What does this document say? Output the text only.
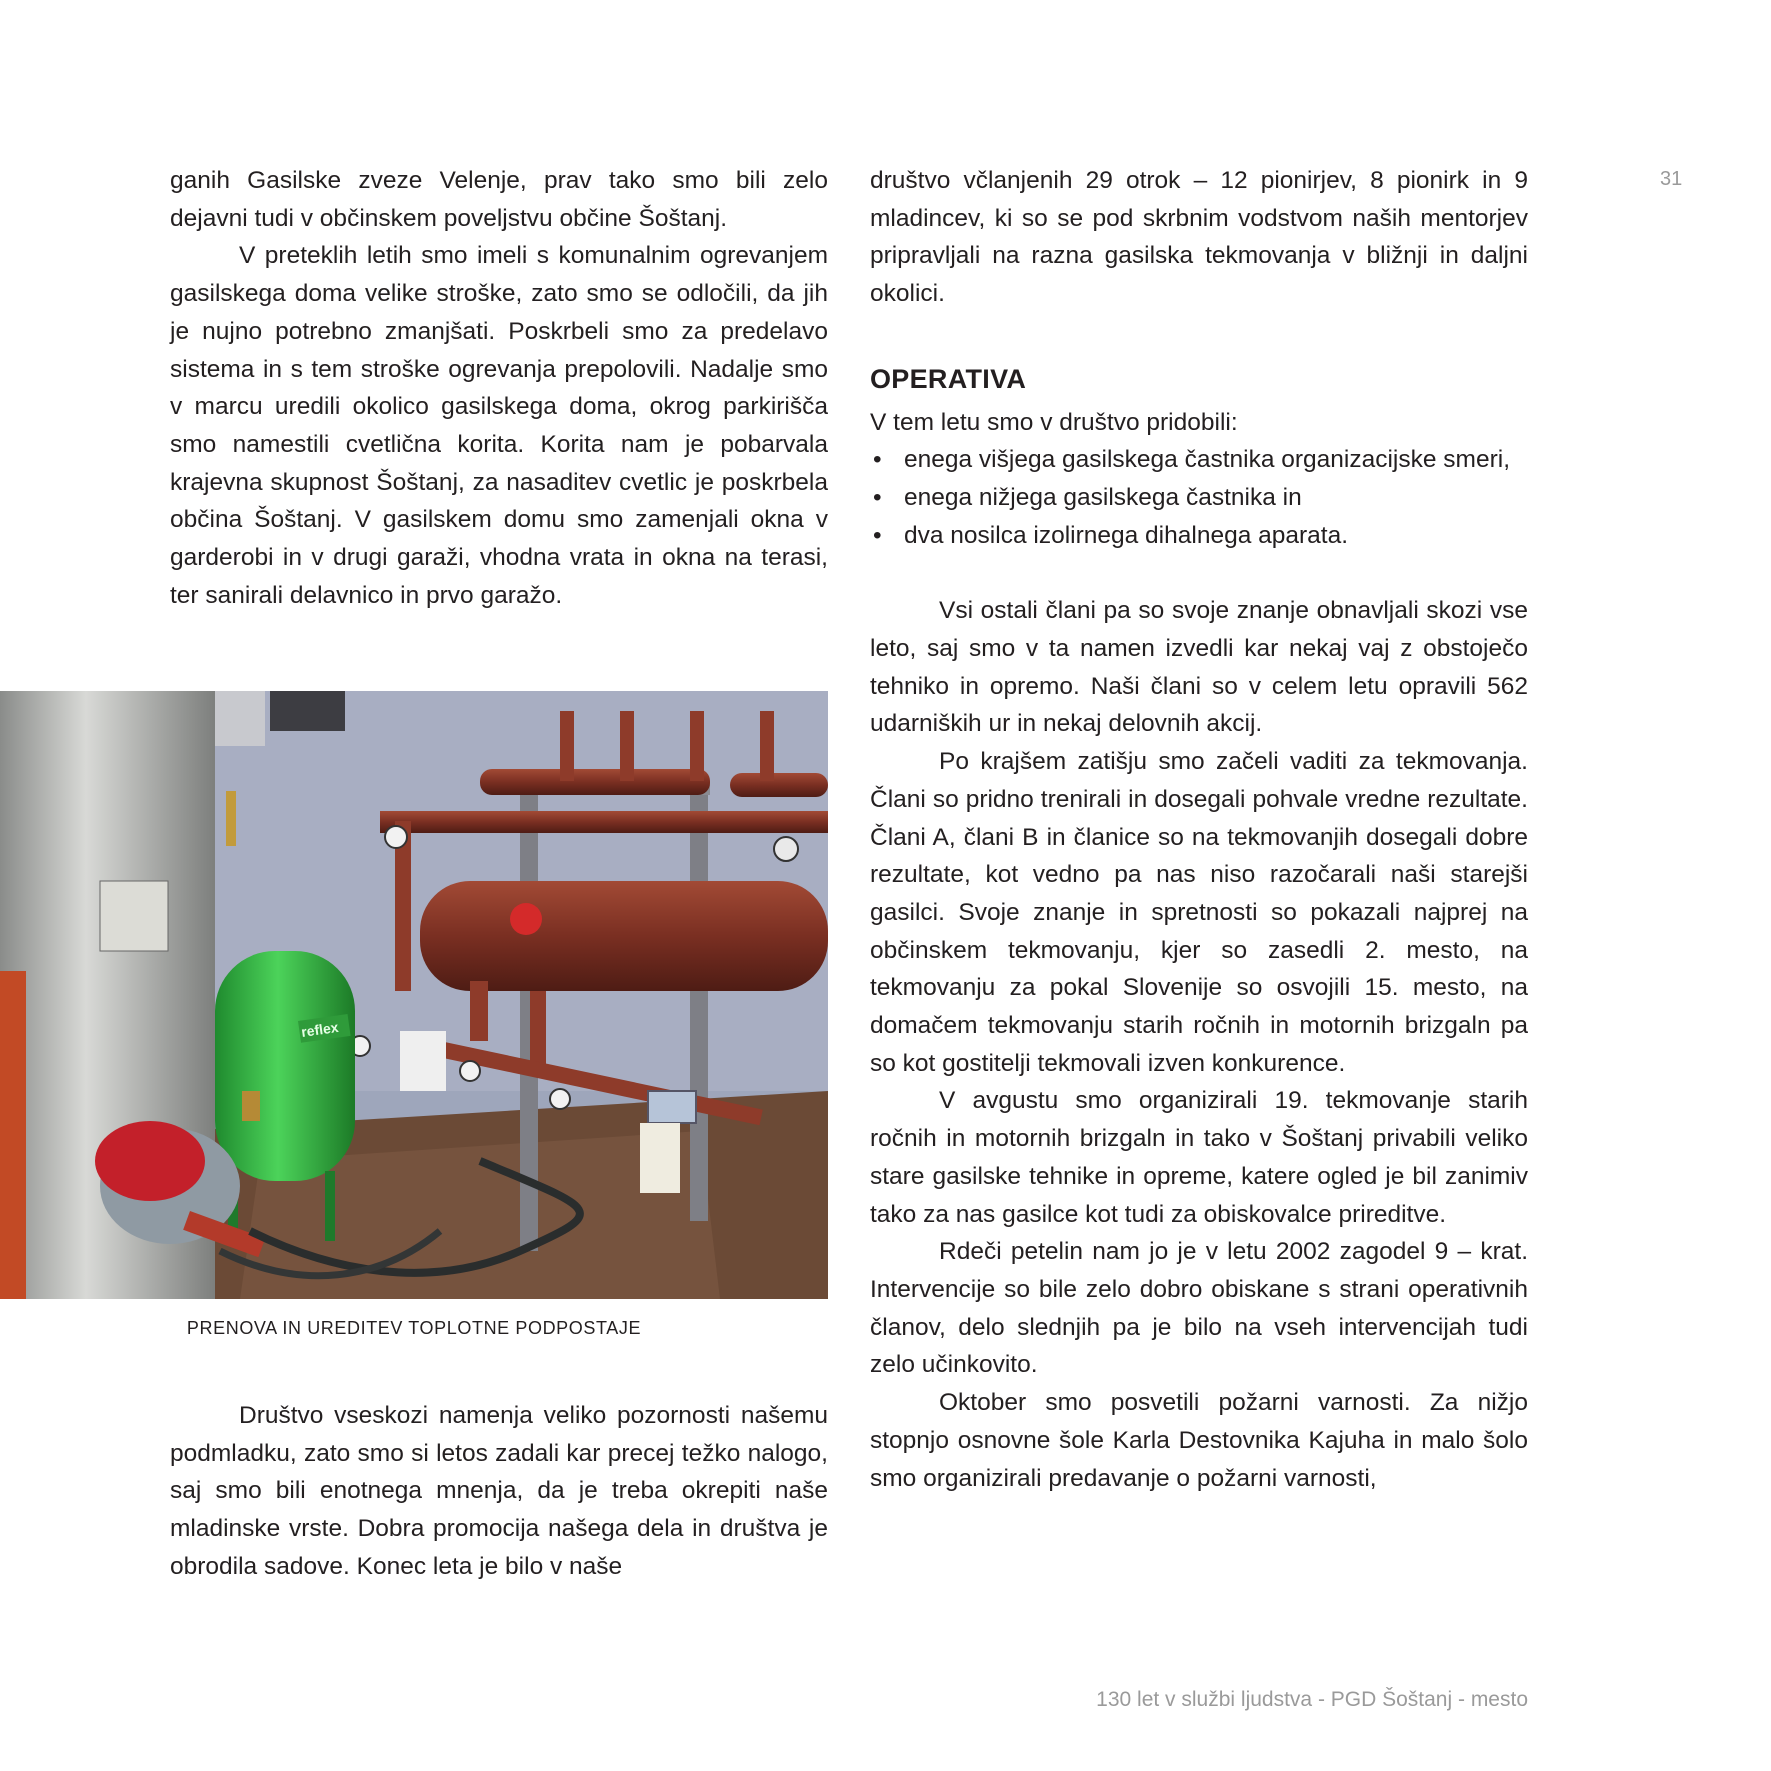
31

ganih Gasilske zveze Velenje, prav tako smo bili zelo dejavni tudi v občinskem poveljstvu občine Šoštanj.

V preteklih letih smo imeli s komunalnim ogrevanjem gasilskega doma velike stroške, zato smo se odločili, da jih je nujno potrebno zmanjšati. Poskrbeli smo za predelavo sistema in s tem stroške ogrevanja prepolovili. Nadalje smo v marcu uredili okolico gasilskega doma, okrog parkirišča smo namestili cvetlična korita. Korita nam je pobarvala krajevna skupnost Šoštanj, za nasaditev cvetlic je poskrbela občina Šoštanj. V gasilskem domu smo zamenjali okna v garderobi in v drugi garaži, vhodna vrata in okna na terasi, ter sanirali delavnico in prvo garažo.

reflex
PRENOVA IN UREDITEV TOPLOTNE PODPOSTAJE

Društvo vseskozi namenja veliko pozornosti našemu podmladku, zato smo si letos zadali kar precej težko nalogo, saj smo bili enotnega mnenja, da je treba okrepiti naše mladinske vrste. Dobra promocija našega dela in društva je obrodila sadove. Konec leta je bilo v naše

društvo včlanjenih 29 otrok – 12 pionirjev, 8 pionirk in 9 mladincev, ki so se pod skrbnim vodstvom naših mentorjev pripravljali na razna gasilska tekmovanja v bližnji in daljni okolici.

OPERATIVA

V tem letu smo v društvo pridobili:

• enega višjega gasilskega častnika organizacijske smeri,
• enega nižjega gasilskega častnika in
• dva nosilca izolirnega dihalnega aparata.

Vsi ostali člani pa so svoje znanje obnavljali skozi vse leto, saj smo v ta namen izvedli kar nekaj vaj z obstoječo tehniko in opremo. Naši člani so v celem letu opravili 562 udarniških ur in nekaj delovnih akcij.

Po krajšem zatišju smo začeli vaditi za tekmovanja. Člani so pridno trenirali in dosegali pohvale vredne rezultate. Člani A, člani B in članice so na tekmovanjih dosegali dobre rezultate, kot vedno pa nas niso razočarali naši starejši gasilci. Svoje znanje in spretnosti so pokazali najprej na občinskem tekmovanju, kjer so zasedli 2. mesto, na tekmovanju za pokal Slovenije so osvojili 15. mesto, na domačem tekmovanju starih ročnih in motornih brizgaln pa so kot gostitelji tekmovali izven konkurence.

V avgustu smo organizirali 19. tekmovanje starih ročnih in motornih brizgaln in tako v Šoštanj privabili veliko stare gasilske tehnike in opreme, katere ogled je bil zanimiv tako za nas gasilce kot tudi za obiskovalce prireditve.

Rdeči petelin nam jo je v letu 2002 zagodel 9 – krat. Intervencije so bile zelo dobro obiskane s strani operativnih članov, delo slednjih pa je bilo na vseh intervencijah tudi zelo učinkovito.

Oktober smo posvetili požarni varnosti. Za nižjo stopnjo osnovne šole Karla Destovnika Kajuha in malo šolo smo organizirali predavanje o požarni varnosti,

130 let v službi ljudstva - PGD Šoštanj - mesto
